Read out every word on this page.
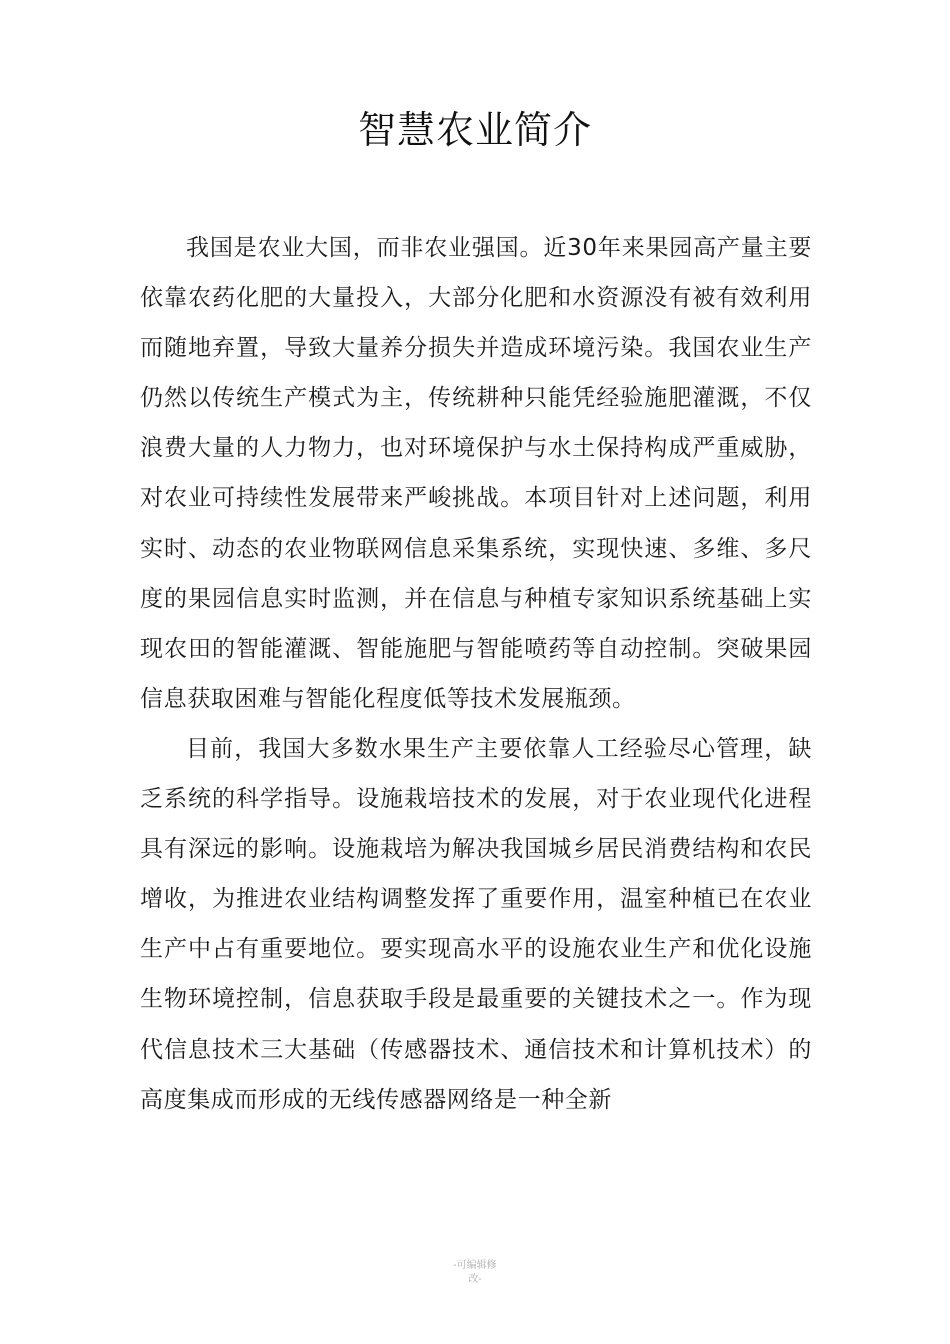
智慧农业简介

我国是农业大国，而非农业强国。近30年来果园高产量主要依靠农药化肥的大量投入，大部分化肥和水资源没有被有效利用而随地弃置，导致大量养分损失并造成环境污染。我国农业生产仍然以传统生产模式为主，传统耕种只能凭经验施肥灌溉，不仅浪费大量的人力物力，也对环境保护与水土保持构成严重威胁，对农业可持续性发展带来严峻挑战。本项目针对上述问题，利用实时、动态的农业物联网信息采集系统，实现快速、多维、多尺度的果园信息实时监测，并在信息与种植专家知识系统基础上实现农田的智能灌溉、智能施肥与智能喷药等自动控制。突破果园信息获取困难与智能化程度低等技术发展瓶颈。

目前，我国大多数水果生产主要依靠人工经验尽心管理，缺乏系统的科学指导。设施栽培技术的发展，对于农业现代化进程具有深远的影响。设施栽培为解决我国城乡居民消费结构和农民增收，为推进农业结构调整发挥了重要作用，温室种植已在农业生产中占有重要地位。要实现高水平的设施农业生产和优化设施生物环境控制，信息获取手段是最重要的关键技术之一。作为现代信息技术三大基础（传感器技术、通信技术和计算机技术）的高度集成而形成的无线传感器网络是一种全新

-可编辑修
改-
